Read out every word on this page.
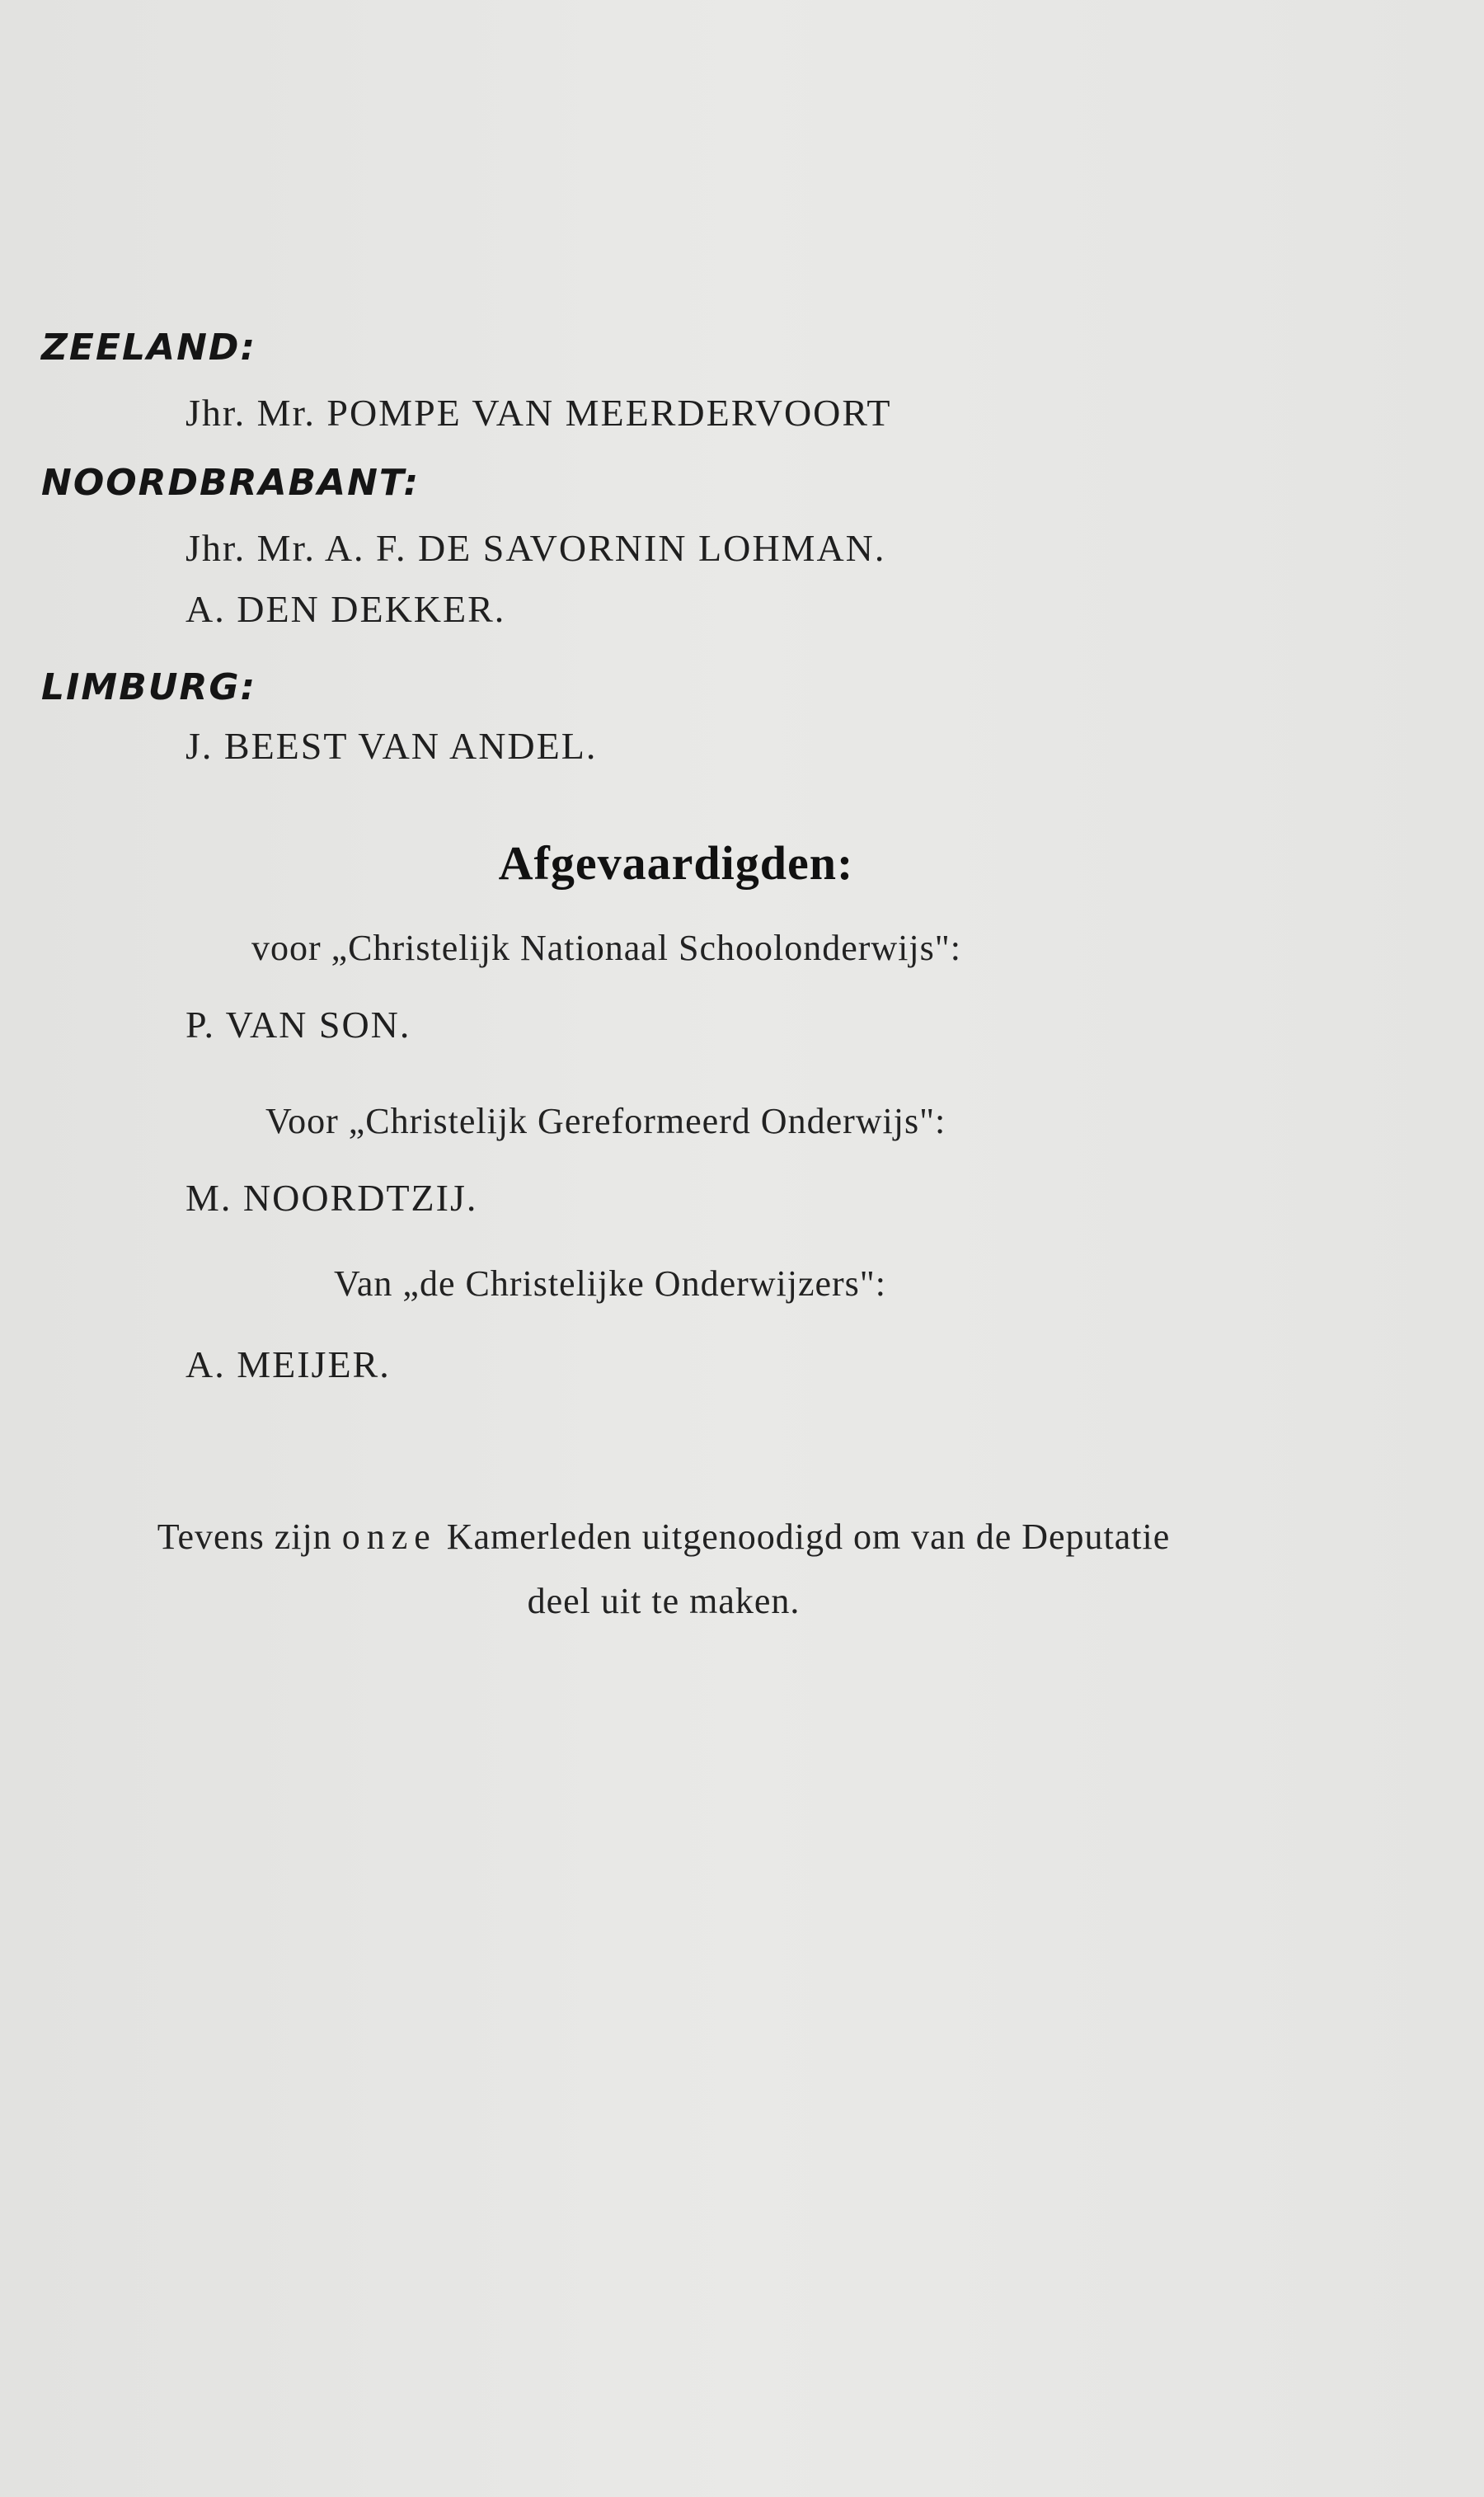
ZEELAND:
Jhr. Mr. POMPE VAN MEERDERVOORT
NOORDBRABANT:
Jhr. Mr. A. F. DE SAVORNIN LOHMAN.
A. DEN DEKKER.
LIMBURG:
J. BEEST VAN ANDEL.
Afgevaardigden:
voor „Christelijk Nationaal Schoolonderwijs":
P. VAN SON.
Voor „Christelijk Gereformeerd Onderwijs":
M. NOORDTZIJ.
Van „de Christelijke Onderwijzers":
A. MEIJER.
Tevens zijn onze Kamerleden uitgenoodigd om van de Deputatie
deel uit te maken.
